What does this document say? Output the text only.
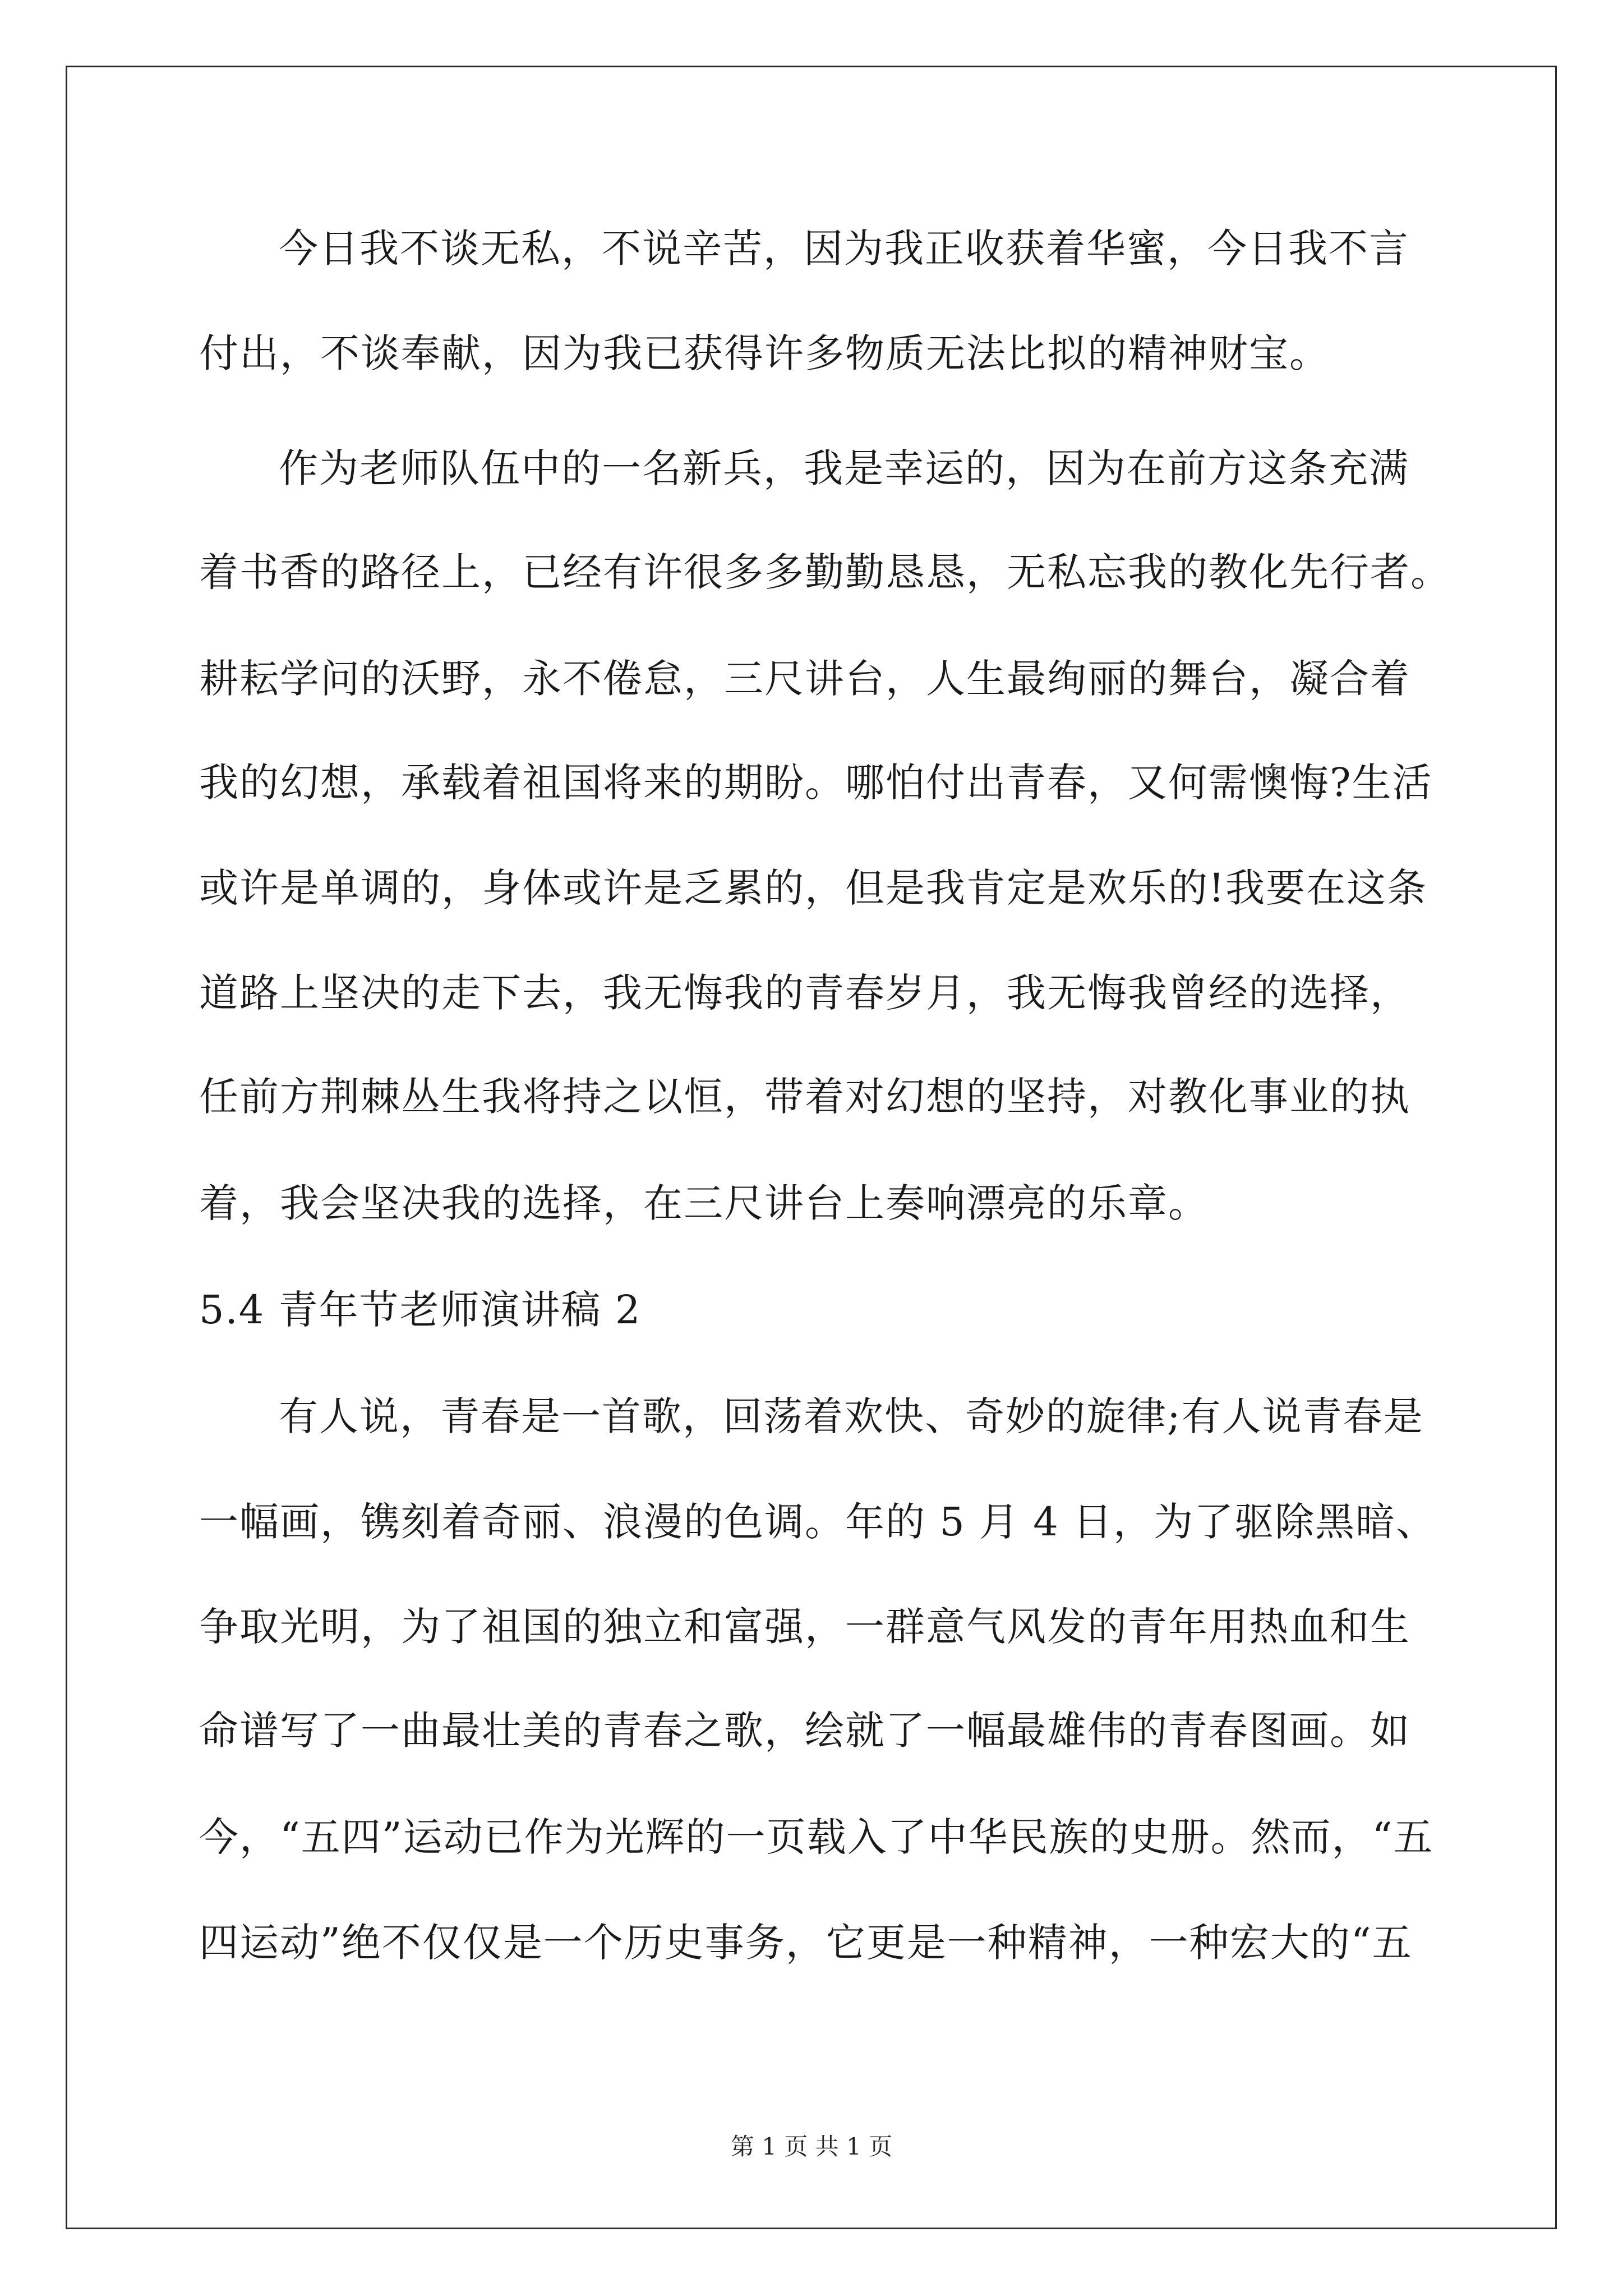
今日我不谈无私，不说辛苦，因为我正收获着华蜜，今日我不言
付出，不谈奉献，因为我已获得许多物质无法比拟的精神财宝。
作为老师队伍中的一名新兵，我是幸运的，因为在前方这条充满
着书香的路径上，已经有许很多多勤勤恳恳，无私忘我的教化先行者。
耕耘学问的沃野，永不倦怠，三尺讲台，人生最绚丽的舞台，凝合着
我的幻想，承载着祖国将来的期盼。哪怕付出青春，又何需懊悔?生活
或许是单调的，身体或许是乏累的，但是我肯定是欢乐的!我要在这条
道路上坚决的走下去，我无悔我的青春岁月，我无悔我曾经的选择，
任前方荆棘丛生我将持之以恒，带着对幻想的坚持，对教化事业的执
着，我会坚决我的选择，在三尺讲台上奏响漂亮的乐章。
5.4 青年节老师演讲稿 2
有人说，青春是一首歌，回荡着欢快、奇妙的旋律;有人说青春是
一幅画，镌刻着奇丽、浪漫的色调。年的 5 月 4 日，为了驱除黑暗、
争取光明，为了祖国的独立和富强，一群意气风发的青年用热血和生
命谱写了一曲最壮美的青春之歌，绘就了一幅最雄伟的青春图画。如
今，“五四”运动已作为光辉的一页载入了中华民族的史册。然而，“五
四运动”绝不仅仅是一个历史事务，它更是一种精神，一种宏大的“五
第 1 页 共 1 页
